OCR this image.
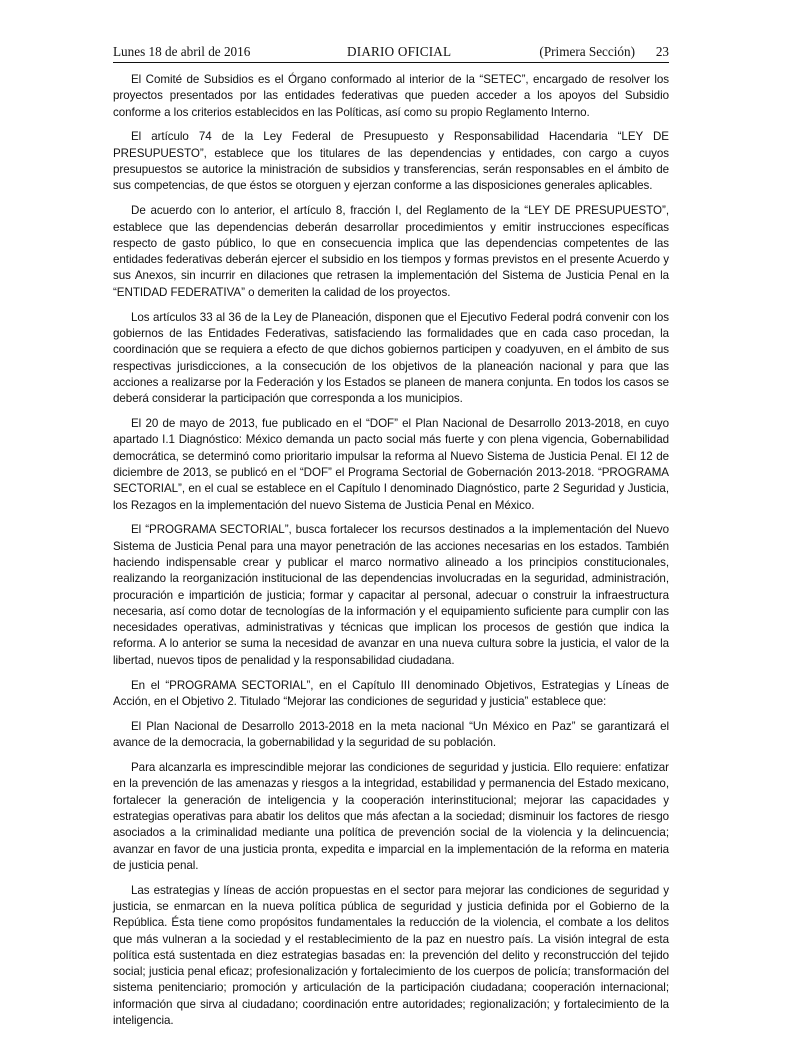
Lunes 18 de abril de 2016	DIARIO OFICIAL	(Primera Sección) 23

El Comité de Subsidios es el Órgano conformado al interior de la “SETEC”, encargado de resolver los proyectos presentados por las entidades federativas que pueden acceder a los apoyos del Subsidio conforme a los criterios establecidos en las Políticas, así como su propio Reglamento Interno.

El artículo 74 de la Ley Federal de Presupuesto y Responsabilidad Hacendaria “LEY DE PRESUPUESTO”, establece que los titulares de las dependencias y entidades, con cargo a cuyos presupuestos se autorice la ministración de subsidios y transferencias, serán responsables en el ámbito de sus competencias, de que éstos se otorguen y ejerzan conforme a las disposiciones generales aplicables.

De acuerdo con lo anterior, el artículo 8, fracción I, del Reglamento de la “LEY DE PRESUPUESTO”, establece que las dependencias deberán desarrollar procedimientos y emitir instrucciones específicas respecto de gasto público, lo que en consecuencia implica que las dependencias competentes de las entidades federativas deberán ejercer el subsidio en los tiempos y formas previstos en el presente Acuerdo y sus Anexos, sin incurrir en dilaciones que retrasen la implementación del Sistema de Justicia Penal en la “ENTIDAD FEDERATIVA” o demeriten la calidad de los proyectos.

Los artículos 33 al 36 de la Ley de Planeación, disponen que el Ejecutivo Federal podrá convenir con los gobiernos de las Entidades Federativas, satisfaciendo las formalidades que en cada caso procedan, la coordinación que se requiera a efecto de que dichos gobiernos participen y coadyuven, en el ámbito de sus respectivas jurisdicciones, a la consecución de los objetivos de la planeación nacional y para que las acciones a realizarse por la Federación y los Estados se planeen de manera conjunta. En todos los casos se deberá considerar la participación que corresponda a los municipios.

El 20 de mayo de 2013, fue publicado en el “DOF” el Plan Nacional de Desarrollo 2013-2018, en cuyo apartado I.1 Diagnóstico: México demanda un pacto social más fuerte y con plena vigencia, Gobernabilidad democrática, se determinó como prioritario impulsar la reforma al Nuevo Sistema de Justicia Penal. El 12 de diciembre de 2013, se publicó en el “DOF” el Programa Sectorial de Gobernación 2013-2018. “PROGRAMA SECTORIAL”, en el cual se establece en el Capítulo I denominado Diagnóstico, parte 2 Seguridad y Justicia, los Rezagos en la implementación del nuevo Sistema de Justicia Penal en México.

El “PROGRAMA SECTORIAL”, busca fortalecer los recursos destinados a la implementación del Nuevo Sistema de Justicia Penal para una mayor penetración de las acciones necesarias en los estados. También haciendo indispensable crear y publicar el marco normativo alineado a los principios constitucionales, realizando la reorganización institucional de las dependencias involucradas en la seguridad, administración, procuración e impartición de justicia; formar y capacitar al personal, adecuar o construir la infraestructura necesaria, así como dotar de tecnologías de la información y el equipamiento suficiente para cumplir con las necesidades operativas, administrativas y técnicas que implican los procesos de gestión que indica la reforma. A lo anterior se suma la necesidad de avanzar en una nueva cultura sobre la justicia, el valor de la libertad, nuevos tipos de penalidad y la responsabilidad ciudadana.

En el “PROGRAMA SECTORIAL”, en el Capítulo III denominado Objetivos, Estrategias y Líneas de Acción, en el Objetivo 2. Titulado “Mejorar las condiciones de seguridad y justicia” establece que:

El Plan Nacional de Desarrollo 2013-2018 en la meta nacional “Un México en Paz” se garantizará el avance de la democracia, la gobernabilidad y la seguridad de su población.

Para alcanzarla es imprescindible mejorar las condiciones de seguridad y justicia. Ello requiere: enfatizar en la prevención de las amenazas y riesgos a la integridad, estabilidad y permanencia del Estado mexicano, fortalecer la generación de inteligencia y la cooperación interinstitucional; mejorar las capacidades y estrategias operativas para abatir los delitos que más afectan a la sociedad; disminuir los factores de riesgo asociados a la criminalidad mediante una política de prevención social de la violencia y la delincuencia; avanzar en favor de una justicia pronta, expedita e imparcial en la implementación de la reforma en materia de justicia penal.

Las estrategias y líneas de acción propuestas en el sector para mejorar las condiciones de seguridad y justicia, se enmarcan en la nueva política pública de seguridad y justicia definida por el Gobierno de la República. Ésta tiene como propósitos fundamentales la reducción de la violencia, el combate a los delitos que más vulneran a la sociedad y el restablecimiento de la paz en nuestro país. La visión integral de esta política está sustentada en diez estrategias basadas en: la prevención del delito y reconstrucción del tejido social; justicia penal eficaz; profesionalización y fortalecimiento de los cuerpos de policía; transformación del sistema penitenciario; promoción y articulación de la participación ciudadana; cooperación internacional; información que sirva al ciudadano; coordinación entre autoridades; regionalización; y fortalecimiento de la inteligencia.
